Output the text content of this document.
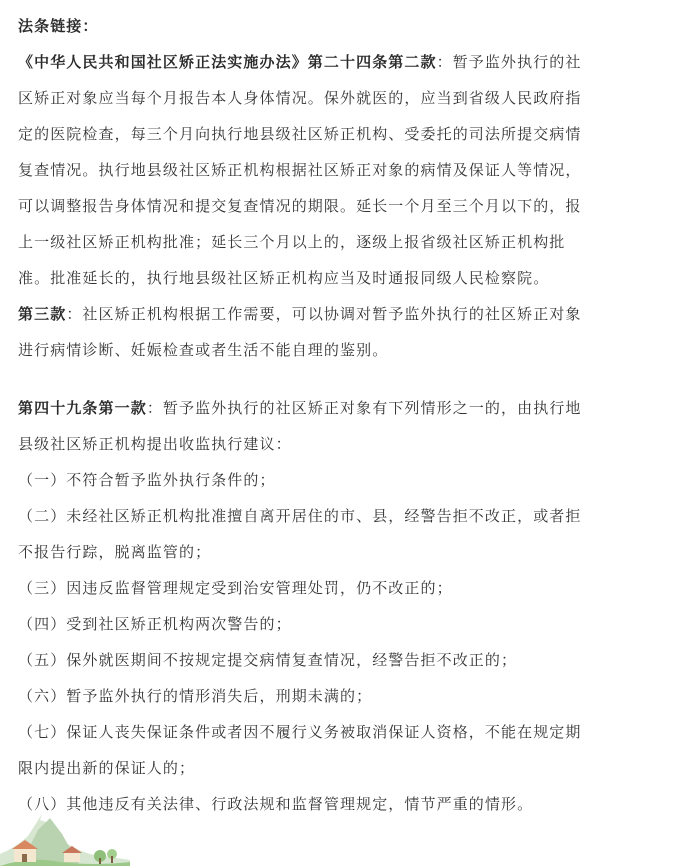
法条链接：
《中华人民共和国社区矫正法实施办法》第二十四条第二款：暂予监外执行的社
区矫正对象应当每个月报告本人身体情况。保外就医的，应当到省级人民政府指
定的医院检查，每三个月向执行地县级社区矫正机构、受委托的司法所提交病情
复查情况。执行地县级社区矫正机构根据社区矫正对象的病情及保证人等情况，
可以调整报告身体情况和提交复查情况的期限。延长一个月至三个月以下的，报
上一级社区矫正机构批准；延长三个月以上的，逐级上报省级社区矫正机构批
准。批准延长的，执行地县级社区矫正机构应当及时通报同级人民检察院。
第三款：社区矫正机构根据工作需要，可以协调对暂予监外执行的社区矫正对象
进行病情诊断、妊娠检查或者生活不能自理的鉴别。
第四十九条第一款：暂予监外执行的社区矫正对象有下列情形之一的，由执行地
县级社区矫正机构提出收监执行建议：
（一）不符合暂予监外执行条件的；
（二）未经社区矫正机构批准擅自离开居住的市、县，经警告拒不改正，或者拒
不报告行踪，脱离监管的；
（三）因违反监督管理规定受到治安管理处罚，仍不改正的；
（四）受到社区矫正机构两次警告的；
（五）保外就医期间不按规定提交病情复查情况，经警告拒不改正的；
（六）暂予监外执行的情形消失后，刑期未满的；
（七）保证人丧失保证条件或者因不履行义务被取消保证人资格，不能在规定期
限内提出新的保证人的；
（八）其他违反有关法律、行政法规和监督管理规定，情节严重的情形。
